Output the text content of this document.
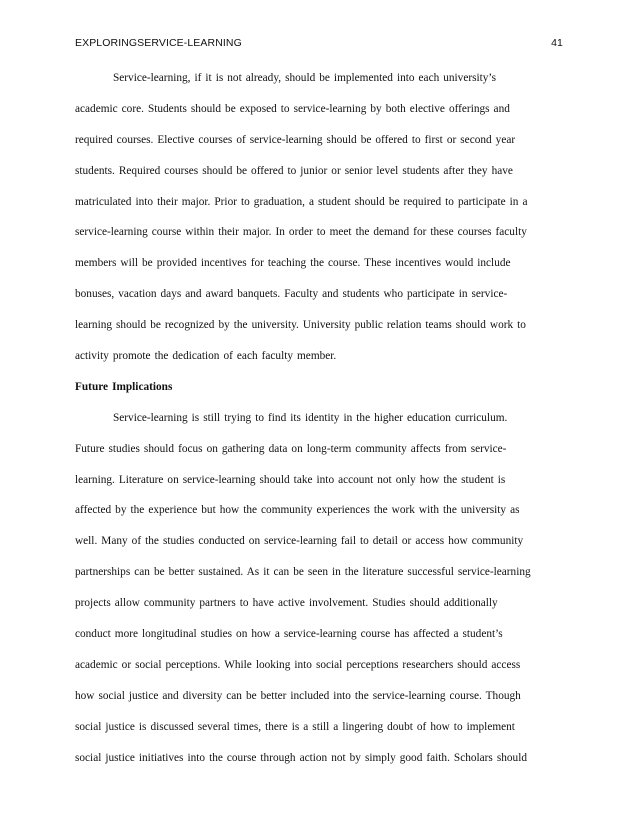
EXPLORINGSERVICE-LEARNING	41
Service-learning, if it is not already, should be implemented into each university’s
academic core. Students should be exposed to service-learning by both elective offerings and
required courses. Elective courses of service-learning should be offered to first or second year
students. Required courses should be offered to junior or senior level students after they have
matriculated into their major. Prior to graduation, a student should be required to participate in a
service-learning course within their major. In order to meet the demand for these courses faculty
members will be provided incentives for teaching the course. These incentives would include
bonuses, vacation days and award banquets. Faculty and students who participate in service-
learning should be recognized by the university. University public relation teams should work to
activity promote the dedication of each faculty member.
Future Implications
Service-learning is still trying to find its identity in the higher education curriculum.
Future studies should focus on gathering data on long-term community affects from service-
learning. Literature on service-learning should take into account not only how the student is
affected by the experience but how the community experiences the work with the university as
well. Many of the studies conducted on service-learning fail to detail or access how community
partnerships can be better sustained. As it can be seen in the literature successful service-learning
projects allow community partners to have active involvement. Studies should additionally
conduct more longitudinal studies on how a service-learning course has affected a student’s
academic or social perceptions. While looking into social perceptions researchers should access
how social justice and diversity can be better included into the service-learning course. Though
social justice is discussed several times, there is a still a lingering doubt of how to implement
social justice initiatives into the course through action not by simply good faith. Scholars should
